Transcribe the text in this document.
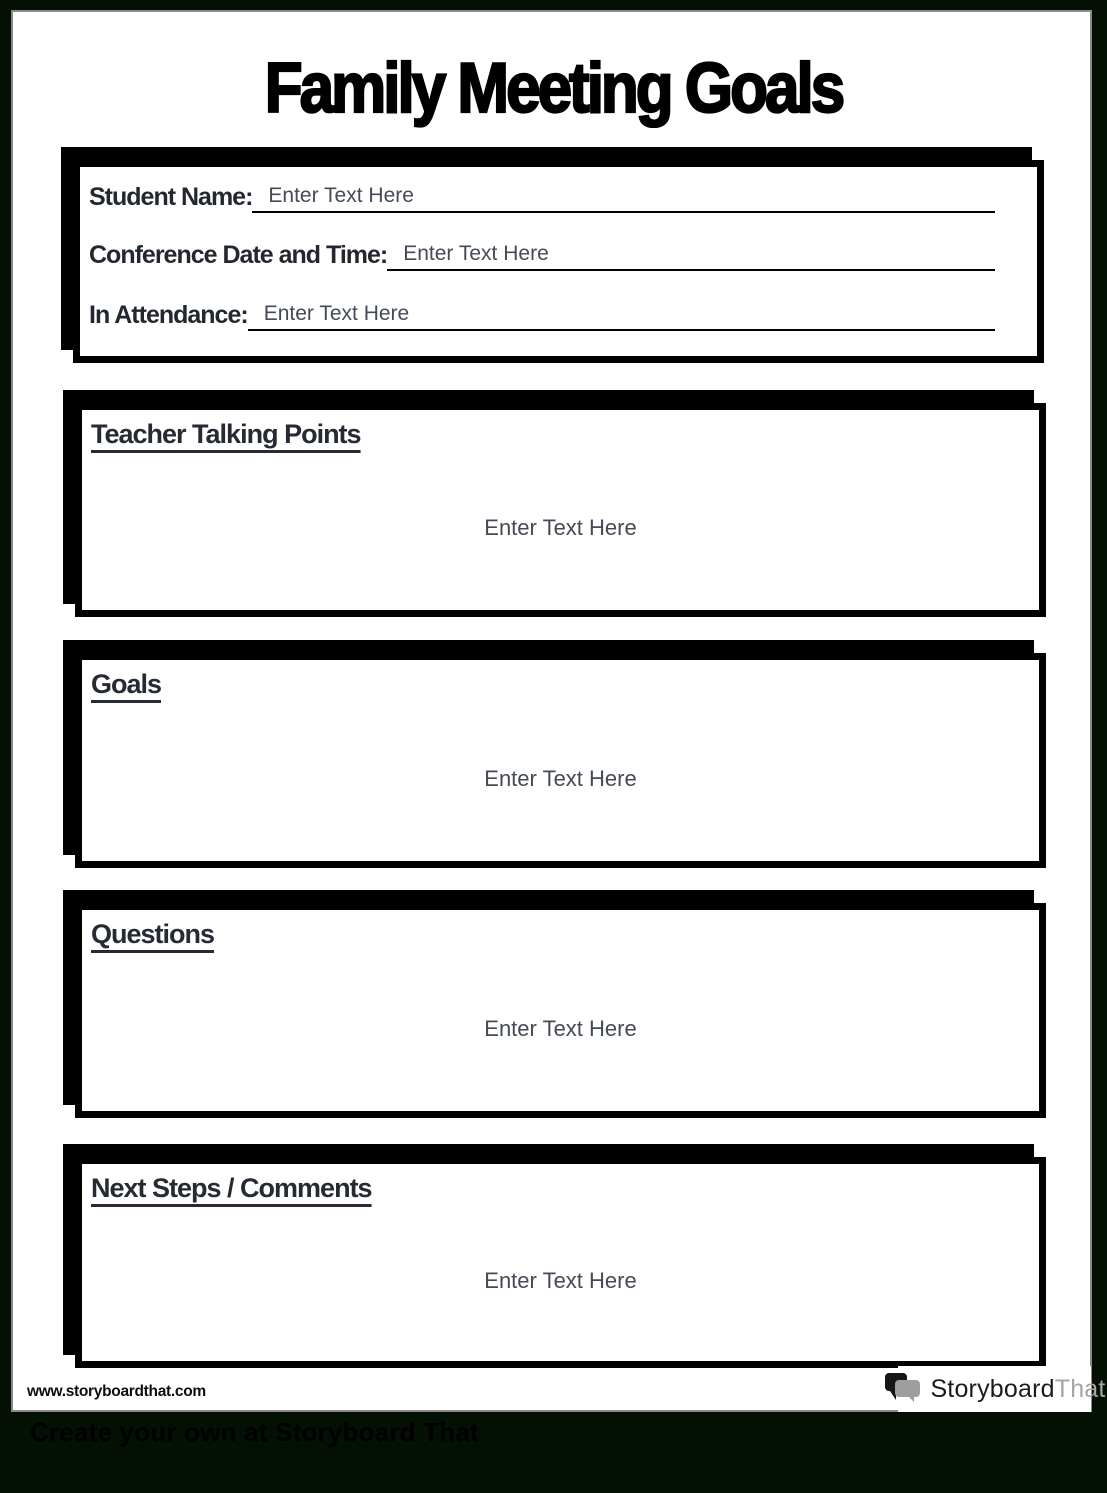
Family Meeting Goals
Student Name: Enter Text Here
Conference Date and Time: Enter Text Here
In Attendance: Enter Text Here
Teacher Talking Points
Enter Text Here
Goals
Enter Text Here
Questions
Enter Text Here
Next Steps / Comments
Enter Text Here
www.storyboardthat.com	StoryboardThat
Create your own at Storyboard That
